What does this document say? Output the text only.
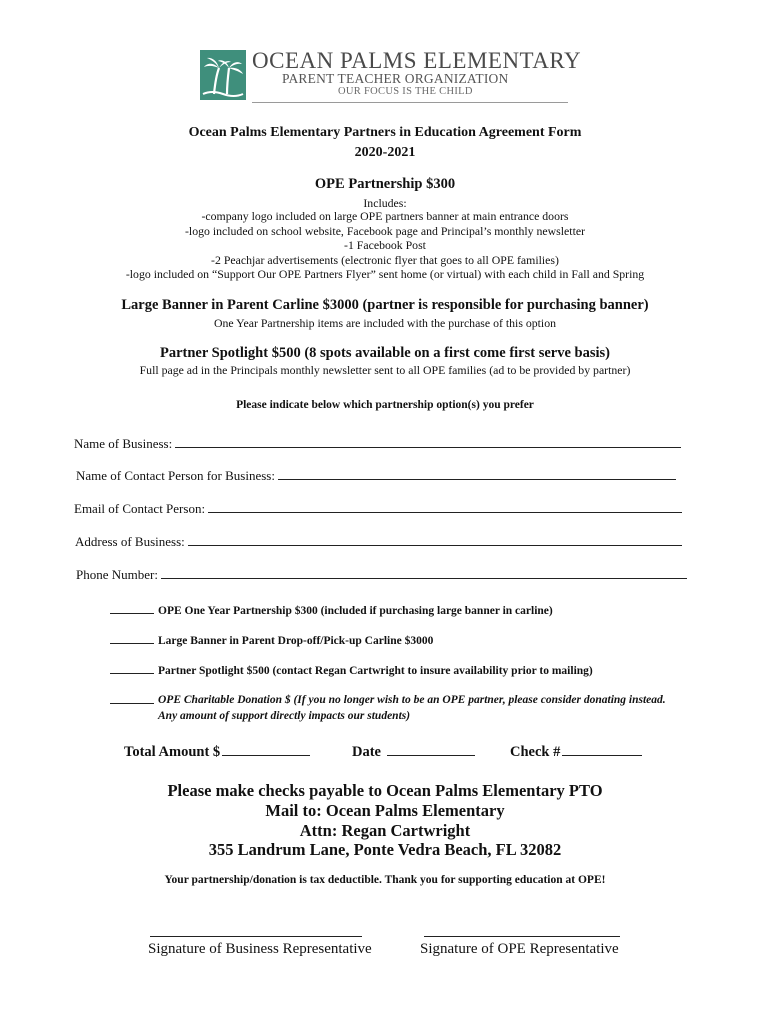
OCEAN PALMS ELEMENTARY
PARENT TEACHER ORGANIZATION
OUR FOCUS IS THE CHILD
Ocean Palms Elementary Partners in Education Agreement Form
2020-2021
OPE Partnership $300
Includes:
-company logo included on large OPE partners banner at main entrance doors
-logo included on school website, Facebook page and Principal’s monthly newsletter
-1 Facebook Post
-2 Peachjar advertisements (electronic flyer that goes to all OPE families)
-logo included on “Support Our OPE Partners Flyer” sent home (or virtual) with each child in Fall and Spring
Large Banner in Parent Carline $3000 (partner is responsible for purchasing banner)
One Year Partnership items are included with the purchase of this option
Partner Spotlight $500 (8 spots available on a first come first serve basis)
Full page ad in the Principals monthly newsletter sent to all OPE families (ad to be provided by partner)
Please indicate below which partnership option(s) you prefer
Name of Business:
Name of Contact Person for Business:
Email of Contact Person:
Address of Business:
Phone Number:
OPE One Year Partnership $300 (included if purchasing large banner in carline)
Large Banner in Parent Drop-off/Pick-up Carline $3000
Partner Spotlight $500 (contact Regan Cartwright to insure availability prior to mailing)
OPE Charitable Donation $ (If you no longer wish to be an OPE partner, please consider donating instead. Any amount of support directly impacts our students)
Total Amount $	Date	Check #
Please make checks payable to Ocean Palms Elementary PTO
Mail to: Ocean Palms Elementary
Attn: Regan Cartwright
355 Landrum Lane, Ponte Vedra Beach, FL 32082
Your partnership/donation is tax deductible. Thank you for supporting education at OPE!
Signature of Business Representative	Signature of OPE Representative
